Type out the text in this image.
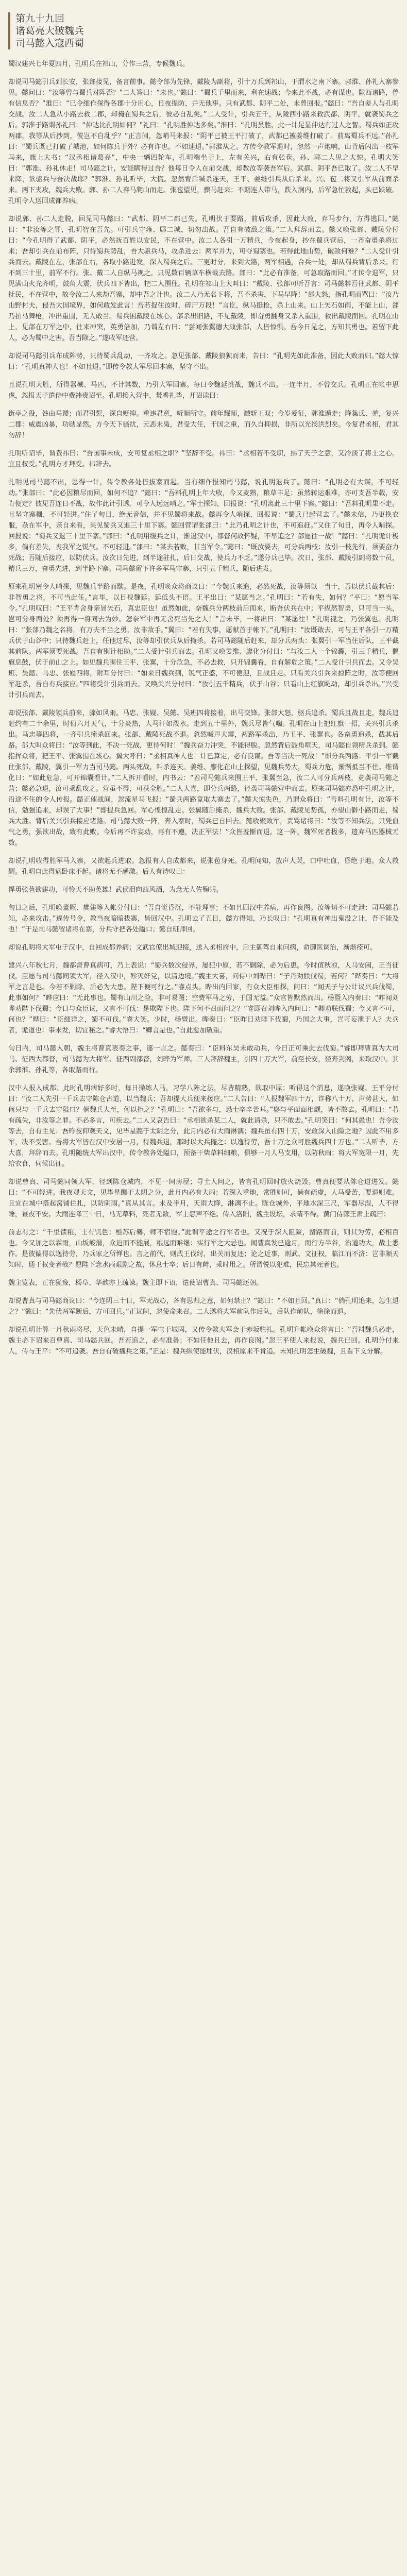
第九十九回
诸葛亮大破魏兵
司马懿入寇西蜀

蜀汉建兴七年夏四月，孔明兵在祁山，分作三营，专候魏兵。

却说司马懿引兵到长安，张郃接见，备言前事。懿令郃为先锋，戴陵为副将，引十万兵到祁山，于渭水之南下寨。郭淮、孙礼入寨参见。懿问曰：“汝等曾与蜀兵对阵否？”二人答曰：“未也。”懿曰：“蜀兵千里而来，利在速战；今来此不战，必有谋也。陇西诸路，曾有信息否？”淮曰：“已令细作探得各郡十分用心，日夜提防，并无他事。只有武都、阴平二处，未曾回报。”懿曰：“吾自差人与孔明交战。汝二人急从小路去救二郡，却掩在蜀兵之后，彼必自乱矣。”二人受计，引兵五千，从陇西小路来救武都、阴平，就袭蜀兵之后。郭淮于路谓孙礼曰：“仲达比孔明如何？”礼曰：“孔明胜仲达多矣。”淮曰：“孔明虽胜，此一计足显仲达有过人之智。蜀兵如正攻两郡，我等从后抄到，彼岂不自乱乎？”正言间，忽哨马来报：“阴平已被王平打破了，武都已被姜维打破了。前离蜀兵不远。”孙礼曰：“蜀兵既已打破了城池，如何陈兵于外？必有诈也。不如速退。”郭淮从之。方传令教军退时，忽然一声炮响，山背后闪出一枝军马来，旗上大书：“汉丞相诸葛亮”，中央一辆四轮车，孔明端坐于上，左有关兴，右有张苞。孙、郭二人见之大惊。孔明大笑曰：“郭淮、孙礼休走！司马懿之计，安能瞒得过吾？他每日令人在前交战，却教汝等袭吾军后。武都、阴平吾已取了。汝二人不早来降，欲驱兵与吾决战耶？”郭淮、孙礼听毕，大慌。忽然背后喊杀连天，王平、姜维引兵从后杀来。兴、苞二将又引军从前面杀来。两下夹攻，魏兵大败。郭、孙二人弃马爬山而走。张苞望见，骤马赶来；不期连人带马，跌入涧内，后军急忙救起，头已跌破。孔明令人送回成都养病。

却说郭、孙二人走脱，回见司马懿曰：“武都、阴平二郡已失。孔明伏于要路，前后攻杀，因此大败，弃马步行，方得逃回。”懿曰：“非汝等之罪，孔明智在吾先。可引兵守雍、郿二城，切勿出战。吾自有破敌之策。”二人拜辞而去。懿又唤张郃、戴陵分付曰：“今孔明得了武都、阴平，必然抚百姓以安民，不在营中。汝二人各引一万精兵，今夜起身，抄在蜀兵营后，一齐奋勇杀将过来；吾却引兵在前布阵，只待蜀兵势乱，吾大驱兵马，攻杀进去：两军并力，可夺蜀寨也。若得此地山势，破敌何难？”二人受计引兵而去。戴陵在左，张郃在右，各取小路进发，深入蜀兵之后。三更时分，来到大路，两军相遇，合兵一处，却从蜀兵背后杀来。行不到三十里，前军不行。张、戴二人自纵马视之，只见数百辆草车横截去路。郃曰：“此必有准备，可急取路而回。”才传令退军，只见满山火光齐明，鼓角大震，伏兵四下皆出，把二人围住。孔明在祁山上大叫曰：“戴陵、张郃可听吾言：司马懿料吾往武都、阴平抚民，不在营中，故令汝二人来劫吾寨，却中吾之计也。汝二人乃无名下将，吾不杀害，下马早降！”郃大怒，指孔明而骂曰：“汝乃山野村夫，侵吾大国境界，如何敢发此言！吾若捉住汝时，碎尸万段！”言讫，纵马挺枪，杀上山来。山上矢石如雨，不能上山，郃乃拍马舞枪，冲出重围，无人敢当。蜀兵困戴陵在垓心。郃杀出旧路，不见戴陵，即奋勇翻身又杀入重围，救出戴陵而回。孔明在山上，见郃在万军之中，往来冲突，英勇倍加，乃谓左右曰：“尝闻张翼德大战张郃，人皆惊惧。吾今日见之，方知其勇也。若留下此人，必为蜀中之害。吾当除之。”遂收军还营。

却说司马懿引兵布成阵势，只待蜀兵乱动，一齐攻之。忽见张郃、戴陵狼狈而来，告曰：“孔明先如此准备，因此大败而归。”懿大惊曰：“孔明真神人也！不如且退。”即传令教大军尽回本寨，坚守不出。

且说孔明大胜，所得器械、马匹，不计其数，乃引大军回寨。每日令魏延挑战，魏兵不出。一连半月，不曾交兵。孔明正在帐中思虑，忽报天子遣侍中费祎赍诏至。孔明接入营中，焚香礼毕，开诏读曰：

街亭之役，咎由马谡；而君引愆，深自贬抑。重违君意，听顺所守。前年耀师，馘斩王双；今岁爱征，郭淮遁走；降集氐、羌，复兴二郡：威震凶暴，功勋显然。方今天下骚扰，元恶未枭，君受大任，干国之重，而久自抑损，非所以光扬洪烈矣。今复君丞相，君其勿辞！

孔明听诏毕，谓费祎曰：“吾国事未成，安可复丞相之职？”坚辞不受。祎曰：“丞相若不受职，拂了天子之意，又冷淡了将士之心。宜且权受。”孔明方才拜受。祎辞去。

孔明见司马懿不出，思得一计，传令教各处皆拔寨而起。当有细作报知司马懿，说孔明退兵了。懿曰：“孔明必有大谋，不可轻动。”张郃曰：“此必因粮尽而回，如何不追？”懿曰：“吾料孔明上年大收，今又麦熟，粮草丰足；虽然转运艰难，亦可支吾半载，安肯便走？彼见吾连日不战，故作此计引诱。可令人远远哨之。”军士探知，回报说：“孔明离此三十里下寨。”懿曰：“吾料孔明果不走。且坚守寨栅，不可轻进。”住了旬日，绝无音信，并不见蜀将来战。懿再令人哨探，回报说：“蜀兵已起营去了。”懿未信，乃更换衣服，杂在军中，亲自来看，果见蜀兵又退三十里下寨。懿回营谓张郃曰：“此乃孔明之计也，不可追赶。”又住了旬日，再令人哨探。回报说：“蜀兵又退三十里下寨。”郃曰：“孔明用缓兵之计，渐退汉中，都督何故怀疑，不早追之？郃愿往一战！”懿曰：“孔明诡计极多，倘有差失，丧我军之锐气。不可轻进。”郃曰：“某去若败，甘当军令。”懿曰：“既汝要去，可分兵两枝：汝引一枝先行，须要奋力死战；吾随后接应，以防伏兵。汝次日先进，到半途驻扎，后日交战，使兵力不乏。”遂分兵已毕。次日，张郃、戴陵引副将数十员，精兵三万，奋勇先进，到半路下寨。司马懿留下许多军马守寨，只引五千精兵，随后进发。

原来孔明密令人哨探，见魏兵半路而歇。是夜，孔明唤众将商议曰：“今魏兵来追，必然死战，汝等须以一当十，吾以伏兵截其后：非智勇之将，不可当此任。”言毕，以目视魏延。延低头不语。王平出曰：“某愿当之。”孔明曰：“若有失，如何？”平曰：“愿当军令。”孔明叹曰：“王平肯舍身亲冒矢石，真忠臣也！虽然如此，奈魏兵分两枝前后而来，断吾伏兵在中；平纵然智勇，只可当一头，岂可分身两处？须再得一将同去为妙。怎奈军中再无舍死当先之人！”言未毕，一将出曰：“某愿往！”孔明视之，乃张翼也。孔明曰：“张郃乃魏之名将，有万夫不当之勇，汝非敌手。”翼曰：“若有失事，愿献首于帐下。”孔明曰：“汝既敢去，可与王平各引一万精兵伏于山谷中；只待魏兵赶上，任他过尽，汝等却引伏兵从后掩杀。若司马懿随后赶来，却分兵两头：张翼引一军当住后队，王平截其前队。两军须要死战。吾自有别计相助。”二人受计引兵而去。孔明又唤姜维、廖化分付曰：“与汝二人一个锦囊，引三千精兵，偃旗息鼓，伏于前山之上。如见魏兵围住王平、张翼，十分危急，不必去救，只开锦囊看，自有解危之策。”二人受计引兵而去。又令吴班、吴懿、马忠、张嶷四将，附耳分付曰：“如来日魏兵到，锐气正盛，不可便迎，且战且走。只看关兴引兵来掠阵之时，汝等便回军赶杀，吾自有兵接应。”四将受计引兵而去。又唤关兴分付曰：“汝引五千精兵，伏于山谷；只看山上红旗飐动，却引兵杀出。”兴受计引兵而去。

却说张郃、戴陵领兵前来，骤如风雨。马忠、张嶷、吴懿、吴班四将接着，出马交锋。张郃大怒，驱兵追杀。蜀兵且战且走，魏兵追赶约有二十余里，时值六月天气，十分炎热，人马汗如泼水。走到五十里外，魏兵尽皆气喘。孔明在山上把红旗一招，关兴引兵杀出。马忠等四将，一齐引兵掩杀回来。张郃、戴陵死战不退。忽然喊声大震，两路军杀出，乃王平、张翼也。各奋勇追杀，截其后路。郃大叫众将曰：“汝等到此，不决一死战，更待何时！”魏兵奋力冲突，不能得脱。忽然背后鼓角喧天，司马懿自领精兵杀到。懿指挥众将，把王平、张翼围在垓心。翼大呼曰：“丞相真神人也！计已算定，必有良谋。吾等当决一死战！”即分兵两路：平引一军截住张郃、戴陵，翼引一军力当司马懿。两头死战，叫杀连天。姜维、廖化在山上探望，见魏兵势大，蜀兵力危，渐渐抵当不住。维谓化曰：“如此危急，可开锦囊看计。”二人拆开看时，内书云：“若司马懿兵来围王平、张翼至急，汝二人可分兵两枝，竟袭司马懿之营；懿必急退，汝可乘乱攻之。营虽不得，可获全胜。”二人大喜，即分兵两路，径袭司马懿营中而去。原来司马懿亦恐中孔明之计，沿途不住的令人传报。懿正催战间，忽流星马飞报：“蜀兵两路竟取大寨去了。”懿大惊失色，乃谓众将曰：“吾料孔明有计，汝等不信，勉强追来，却误了大事！”即提兵急回。军心惶惶乱走。张翼随后掩杀，魏兵大败。张郃、戴陵见势孤，亦望山僻小路而走，蜀兵大胜。背后关兴引兵接应诸路。司马懿大败一阵，奔入寨时，蜀兵已自回去。懿收聚败军，责骂诸将曰：“汝等不知兵法，只凭血气之勇，强欲出战，致有此败。今后再不许妄动，再有不遵，决正军法！”众皆羞惭而退。这一阵，魏军死者极多，遗弃马匹器械无数。

却说孔明收得胜军马入寨，又欲起兵进取。忽报有人自成都来，说张苞身死。孔明闻知，放声大哭，口中吐血，昏绝于地。众人救醒。孔明自此得病卧床不起。诸将无不感激。后人有诗叹曰：

悍勇张苞欲建功，可怜天不助英雄！武侯泪向西风洒，为念无人佐鞠躬。

旬日之后，孔明唤董厥、樊建等入帐分付曰：“吾自觉昏沉，不能理事；不如且回汉中养病，再作良图。汝等切不可走泄：司马懿若知，必来攻击。”遂传号令，教当夜暗暗拔寨，皆回汉中。孔明去了五日，懿方得知，乃长叹曰：“孔明真有神出鬼没之计，吾不能及也！”于是司马懿留诸将在寨，分兵守把各处隘口；懿自班师回。

却说孔明将大军屯于汉中，自回成都养病；文武官僚出城迎接，送入丞相府中，后主御驾自来问病，命御医调治，渐渐痊可。

建兴八年秋七月，魏都督曹真病可，乃上表说：“蜀兵数次侵界，屡犯中原，若不剿除，必为后患。今时值秋凉，人马安闲，正当征伐。臣愿与司马懿同领大军，径入汉中，殄灭奸党，以清边境。”魏主大喜，问侍中刘晔曰：“子丹劝朕伐蜀，若何？”晔奏曰：“大将军之言是也。今若不剿除，后必为大患。陛下便可行之。”睿点头。晔出内回家，有众大臣相探，问曰：“闻天子与公计议兴兵伐蜀，此事如何？”晔应曰：“无此事也。蜀有山川之险，非可易图；空费军马之劳，于国无益。”众官皆默然而出。杨暨入内奏曰：“昨闻刘晔劝陛下伐蜀；今日与众臣议，又言不可伐：是欺陛下也。陛下何不召而问之？”睿即召刘晔入内问曰：“卿劝朕伐蜀；今又言不可，何也？”晔曰：“臣细详之，蜀不可伐。”睿大笑。少时，杨暨出。晔奏曰：“臣昨日劝陛下伐蜀，乃国之大事，岂可妄泄于人？夫兵者，诡道也：事未发，切宜秘之。”睿大悟曰：“卿言是也。”自此愈加敬重。

旬日内，司马懿入朝，魏主将曹真表奏之事，逐一言之。懿奏曰：“臣料东吴未敢动兵，今日正可乘此去伐蜀。”睿即拜曹真为大司马、征西大都督，司马懿为大将军、征西副都督，刘晔为军师。三人拜辞魏主，引四十万大军，前至长安，径奔剑阁，来取汉中。其余郭淮、孙礼等，各取路而行。

汉中人报入成都。此时孔明病好多时，每日操练人马，习学八阵之法，尽皆精熟，欲取中原；听得这个消息，遂唤张嶷、王平分付曰：“汝二人先引一千兵去守陈仓古道，以当魏兵；吾却提大兵便来接应。”二人告曰：“人报魏军四十万，诈称八十万，声势甚大，如何只与一千兵去守隘口？倘魏兵大至，何以拒之？”孔明曰：“吾欲多与，恐士卒辛苦耳。”嶷与平面面相觑，皆不敢去。孔明曰：“若有疏失，非汝等之罪。不必多言，可疾去。”二人又哀告曰：“丞相欲杀某二人，就此请杀，只不敢去。”孔明笑曰：“何其愚也！吾令汝等去，自有主见：吾昨夜仰观天文，见毕星躔于太阴之分，此月内必有大雨淋漓；魏兵虽有四十万，安敢深入山险之地？因此不用多军，决不受害。吾将大军皆在汉中安居一月，待魏兵退，那时以大兵掩之：以逸待劳，吾十万之众可胜魏兵四十万也。”二人听毕，方大喜，拜辞而去。孔明随统大军出汉中，传令教各处隘口，预备干柴草料细粮，俱够一月人马支用，以防秋雨；将大军宽限一月，先给衣食，伺候出征。

却说曹真、司马懿同领大军，径到陈仓城内，不见一间房屋；寻土人问之，皆言孔明回时放火烧毁。曹真便要从陈仓道进发。懿曰：“不可轻进。我夜观天文，见毕星躔于太阴之分，此月内必有大雨；若深入重地，常胜则可，倘有疏虞，人马受苦，要退则难。且宜在城中搭起窝铺住扎，以防阴雨。”真从其言。未及半月，天雨大降，淋漓不止。陈仓城外，平地水深三尺，军器尽湿，人不得睡，昼夜不安。大雨连降三十日，马无草料，死者无数，军士怨声不绝。传入洛阳，魏主设坛，求晴不得。黄门侍郎王肃上疏曰：

前志有之：“千里馈粮，士有饥色；樵苏后爨，师不宿饱。”此谓平途之行军者也。又况于深入阻险，凿路而前，则其为劳，必相百也。今又加之以霖雨，山坂峻滑，众迫而不能展，粮远而难继：实行军之大忌也。闻曹真发已逾月，而行方半谷，治道功大，战士悉作。是彼偏得以逸待劳，乃兵家之所惮也。言之前代，则武王伐纣，出关而复还；论之近事，则武、文征权，临江而不济：岂非顺天知时，通于权变者哉？愿陛下念水雨艰剧之故，休息士卒；后日有衅，乘时用之。所谓悦以犯难，民忘其死者也。

魏主览表，正在犹豫，杨阜、华歆亦上疏谏。魏主即下诏，遣使诏曹真、司马懿还朝。

却说曹真与司马懿商议曰：“今连阴三十日，军无战心，各有思归之意，如何禁止？”懿曰：“不如且回。”真曰：“倘孔明追来，怎生退之？”懿曰：“先伏两军断后，方可回兵。”正议间，忽使命来召。二人遂将大军前队作后队，后队作前队，徐徐而退。

却说孔明计算一月秋雨将尽，天色未晴，自提一军屯于城固，又传令教大军会于赤坂驻扎。孔明升帐唤众将言曰：“吾料魏兵必走，魏主必下诏来召曹真、司马懿兵回。吾若追之，必有准备；不如任他且去，再作良图。”忽王平使人来报说，魏兵已回。孔明分付来人，传与王平：“不可追袭。吾自有破魏兵之策。”正是：魏兵纵使能埋伏，汉相原来不肯追。未知孔明怎生破魏，且看下文分解。
